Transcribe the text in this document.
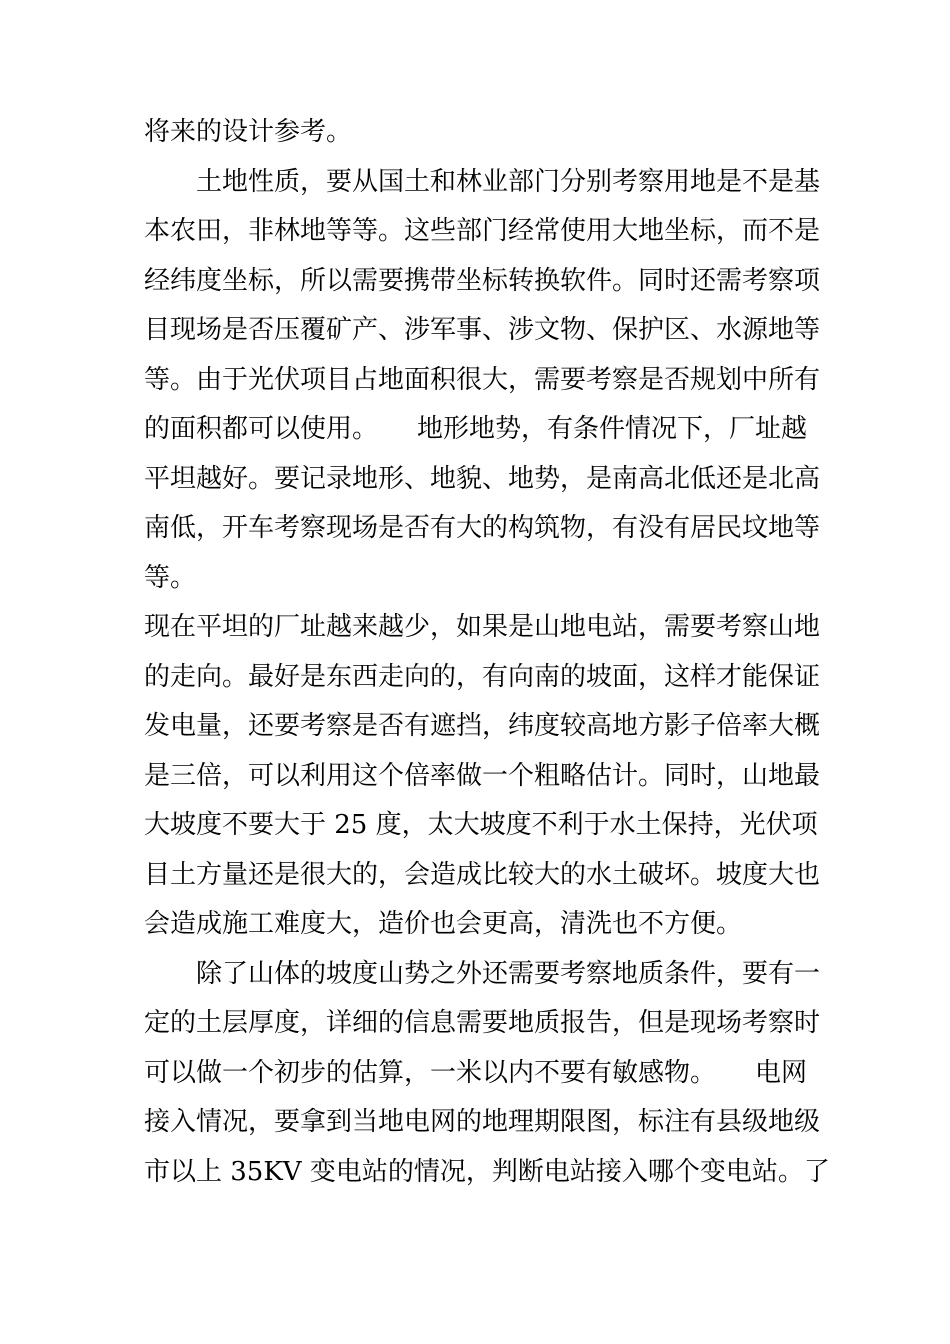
将来的设计参考。
土地性质，要从国土和林业部门分别考察用地是不是基
本农田，非林地等等。这些部门经常使用大地坐标，而不是
经纬度坐标，所以需要携带坐标转换软件。同时还需考察项
目现场是否压覆矿产、涉军事、涉文物、保护区、水源地等
等。由于光伏项目占地面积很大，需要考察是否规划中所有
的面积都可以使用。　　地形地势，有条件情况下，厂址越
平坦越好。要记录地形、地貌、地势，是南高北低还是北高
南低，开车考察现场是否有大的构筑物，有没有居民坟地等
等。
现在平坦的厂址越来越少，如果是山地电站，需要考察山地
的走向。最好是东西走向的，有向南的坡面，这样才能保证
发电量，还要考察是否有遮挡，纬度较高地方影子倍率大概
是三倍，可以利用这个倍率做一个粗略估计。同时，山地最
大坡度不要大于 25 度，太大坡度不利于水土保持，光伏项
目土方量还是很大的，会造成比较大的水土破坏。坡度大也
会造成施工难度大，造价也会更高，清洗也不方便。
除了山体的坡度山势之外还需要考察地质条件，要有一
定的土层厚度，详细的信息需要地质报告，但是现场考察时
可以做一个初步的估算，一米以内不要有敏感物。　　电网
接入情况，要拿到当地电网的地理期限图，标注有县级地级
市以上 35KV 变电站的情况，判断电站接入哪个变电站。了
